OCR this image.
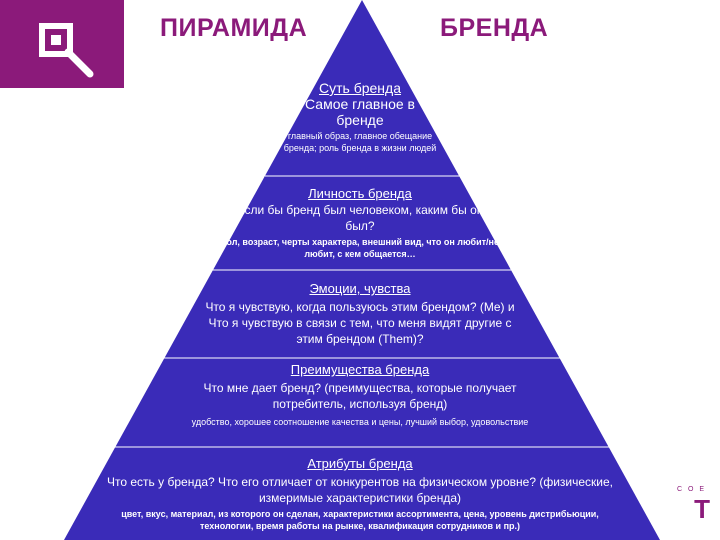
ПИРАМИДА	БРЕНДА
Суть бренда
Самое главное в бренде
главный образ, главное обещание бренда; роль бренда в жизни людей
Личность бренда
Если бы бренд был человеком, каким бы он был?
пол, возраст, черты характера, внешний вид, что он любит/не любит, с кем общается…
Эмоции, чувства
Что я чувствую, когда пользуюсь этим брендом? (Me) и Что я чувствую в связи с тем, что меня видят другие с этим брендом (Them)?
Преимущества бренда
Что мне дает бренд? (преимущества, которые получает потребитель, используя бренд)
удобство, хорошее соотношение качества и цены, лучший выбор, удовольствие
Атрибуты бренда
Что есть у бренда? Что его отличает от конкурентов на физическом уровне? (физические, измеримые характеристики бренда)
цвет, вкус, материал, из которого он сделан, характеристики ассортимента, цена, уровень дистрибьюции, технологии, время работы на рынке, квалификация сотрудников и пр.)
С О Е
Т
